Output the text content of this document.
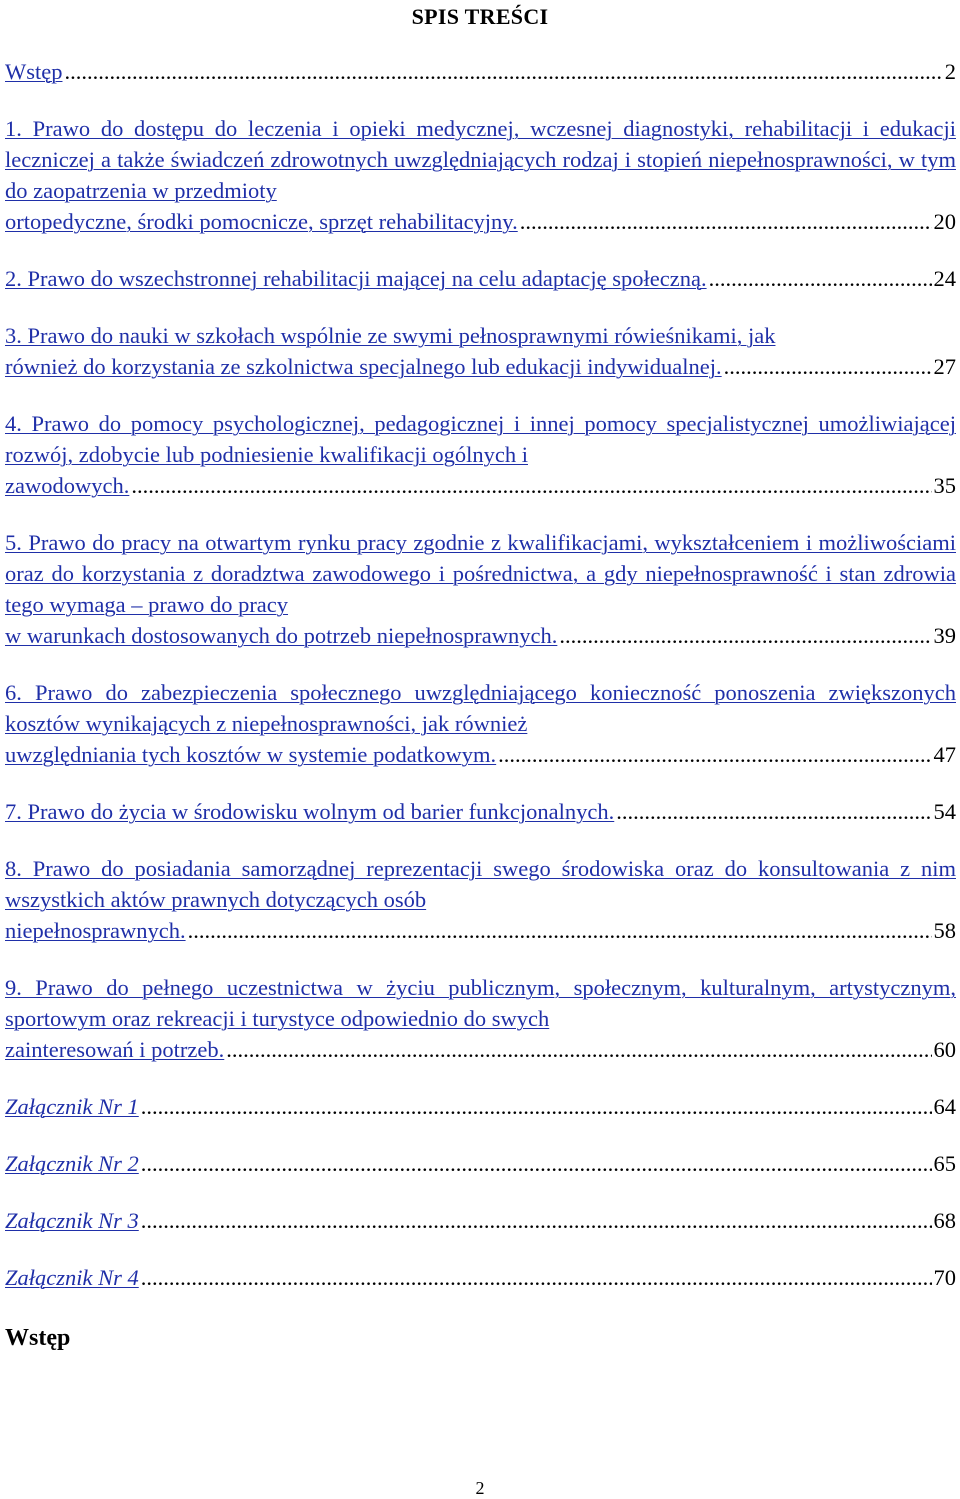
SPIS TREŚCI
Wstęp .....	2
1. Prawo do dostępu do leczenia i opieki medycznej, wczesnej diagnostyki, rehabilitacji i edukacji leczniczej a także świadczeń zdrowotnych uwzględniających rodzaj i stopień niepełnosprawności, w tym do zaopatrzenia w przedmioty
ortopedyczne, środki pomocnicze, sprzęt rehabilitacyjny. .....	20
2. Prawo do wszechstronnej rehabilitacji mającej na celu adaptację społeczną. .....	24
3. Prawo do nauki w szkołach wspólnie ze swymi pełnosprawnymi rówieśnikami, jak
również do korzystania ze szkolnictwa specjalnego lub edukacji indywidualnej. .....	27
4. Prawo do pomocy psychologicznej, pedagogicznej i innej pomocy specjalistycznej umożliwiającej rozwój, zdobycie lub podniesienie kwalifikacji ogólnych i
zawodowych. .....	35
5. Prawo do pracy na otwartym rynku pracy zgodnie z kwalifikacjami, wykształceniem i możliwościami oraz do korzystania z doradztwa zawodowego i pośrednictwa, a gdy niepełnosprawność i stan zdrowia tego wymaga – prawo do pracy
w warunkach dostosowanych do potrzeb niepełnosprawnych. .....	39
6. Prawo do zabezpieczenia społecznego uwzględniającego konieczność ponoszenia zwiększonych kosztów wynikających z niepełnosprawności, jak również
uwzględniania tych kosztów w systemie podatkowym. .....	47
7. Prawo do życia w środowisku wolnym od barier funkcjonalnych. .....	54
8. Prawo do posiadania samorządnej reprezentacji swego środowiska oraz do konsultowania z nim wszystkich aktów prawnych dotyczących osób
niepełnosprawnych. .....	58
9. Prawo do pełnego uczestnictwa w życiu publicznym, społecznym, kulturalnym, artystycznym, sportowym oraz rekreacji i turystyce odpowiednio do swych
zainteresowań i potrzeb. .....	60
Załącznik Nr 1 .....	64
Załącznik Nr 2 .....	65
Załącznik Nr 3 .....	68
Załącznik Nr 4 .....	70
Wstęp
2
